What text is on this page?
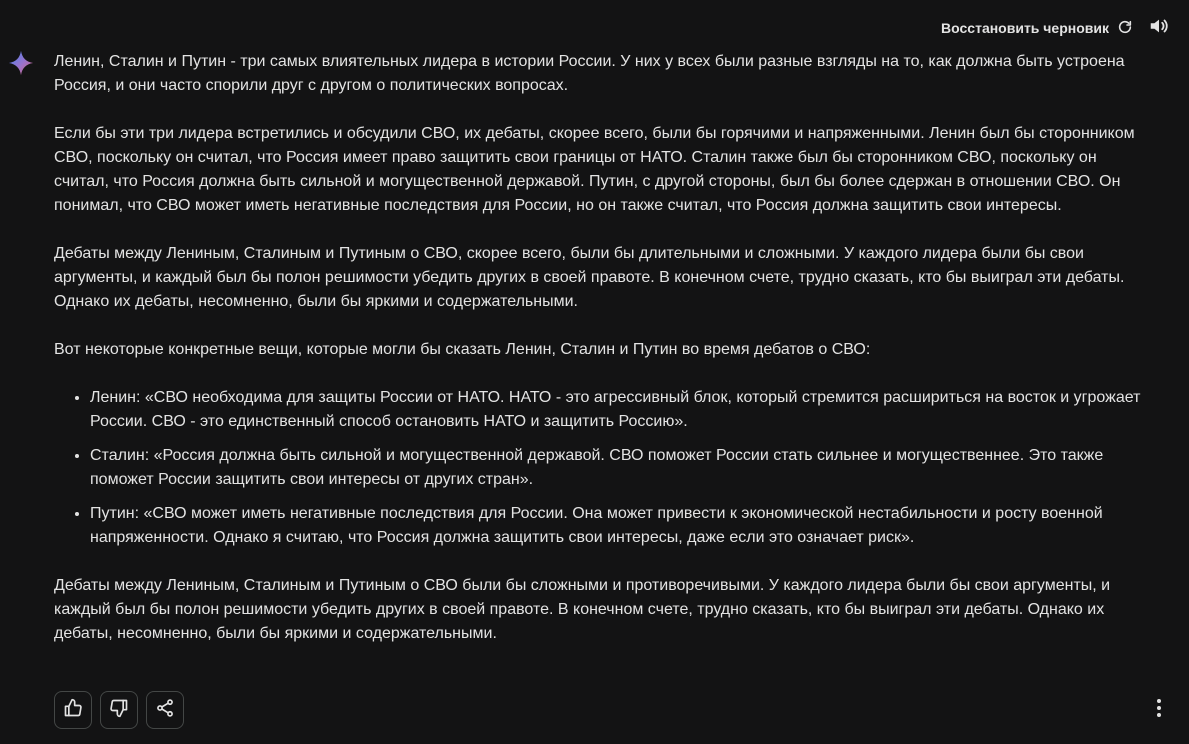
Восстановить черновик

Ленин, Сталин и Путин - три самых влиятельных лидера в истории России. У них у всех были разные взгляды на то, как должна быть устроена Россия, и они часто спорили друг с другом о политических вопросах.

Если бы эти три лидера встретились и обсудили СВО, их дебаты, скорее всего, были бы горячими и напряженными. Ленин был бы сторонником СВО, поскольку он считал, что Россия имеет право защитить свои границы от НАТО. Сталин также был бы сторонником СВО, поскольку он считал, что Россия должна быть сильной и могущественной державой. Путин, с другой стороны, был бы более сдержан в отношении СВО. Он понимал, что СВО может иметь негативные последствия для России, но он также считал, что Россия должна защитить свои интересы.

Дебаты между Лениным, Сталиным и Путиным о СВО, скорее всего, были бы длительными и сложными. У каждого лидера были бы свои аргументы, и каждый был бы полон решимости убедить других в своей правоте. В конечном счете, трудно сказать, кто бы выиграл эти дебаты. Однако их дебаты, несомненно, были бы яркими и содержательными.

Вот некоторые конкретные вещи, которые могли бы сказать Ленин, Сталин и Путин во время дебатов о СВО:

• Ленин: «СВО необходима для защиты России от НАТО. НАТО - это агрессивный блок, который стремится расшириться на восток и угрожает России. СВО - это единственный способ остановить НАТО и защитить Россию».
• Сталин: «Россия должна быть сильной и могущественной державой. СВО поможет России стать сильнее и могущественнее. Это также поможет России защитить свои интересы от других стран».
• Путин: «СВО может иметь негативные последствия для России. Она может привести к экономической нестабильности и росту военной напряженности. Однако я считаю, что Россия должна защитить свои интересы, даже если это означает риск».

Дебаты между Лениным, Сталиным и Путиным о СВО были бы сложными и противоречивыми. У каждого лидера были бы свои аргументы, и каждый был бы полон решимости убедить других в своей правоте. В конечном счете, трудно сказать, кто бы выиграл эти дебаты. Однако их дебаты, несомненно, были бы яркими и содержательными.
